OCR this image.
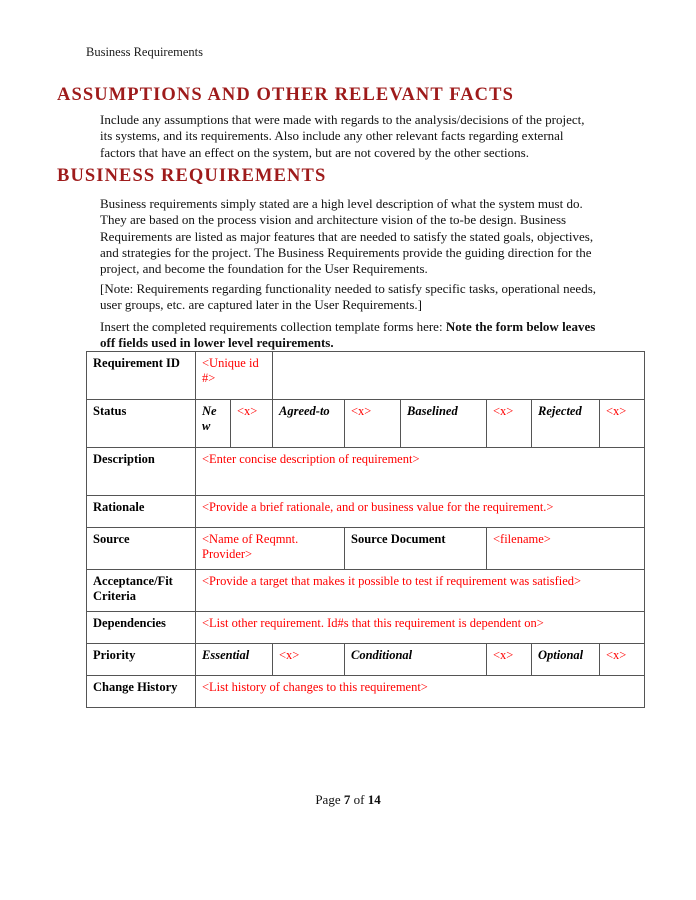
Business Requirements
ASSUMPTIONS AND OTHER RELEVANT FACTS
Include any assumptions that were made with regards to the analysis/decisions of the project, its systems, and its requirements. Also include any other relevant facts regarding external factors that have an effect on the system, but are not covered by the other sections.
BUSINESS REQUIREMENTS
Business requirements simply stated are a high level description of what the system must do. They are based on the process vision and architecture vision of the to-be design. Business Requirements are listed as major features that are needed to satisfy the stated goals, objectives, and strategies for the project. The Business Requirements provide the guiding direction for the project, and become the foundation for the User Requirements.
[Note: Requirements regarding functionality needed to satisfy specific tasks, operational needs, user groups, etc. are captured later in the User Requirements.]
Insert the completed requirements collection template forms here: Note the form below leaves off fields used in lower level requirements.
Requirement ID	<Unique id #>							
Status	New	<x>	Agreed-to	<x>	Baselined	<x>	Rejected	<x>
Description	<Enter concise description of requirement>							
Rationale	<Provide a brief rationale, and or business value for the requirement.>							
Source	<Name of Reqmnt. Provider>			Source Document		<filename>		
Acceptance/Fit Criteria	<Provide a target that makes it possible to test if requirement was satisfied>							
Dependencies	<List other requirement. Id#s that this requirement is dependent on>							
Priority	Essential		<x>	Conditional		<x>	Optional	<x>
Change History	<List history of changes to this requirement>							
Page 7 of 14
